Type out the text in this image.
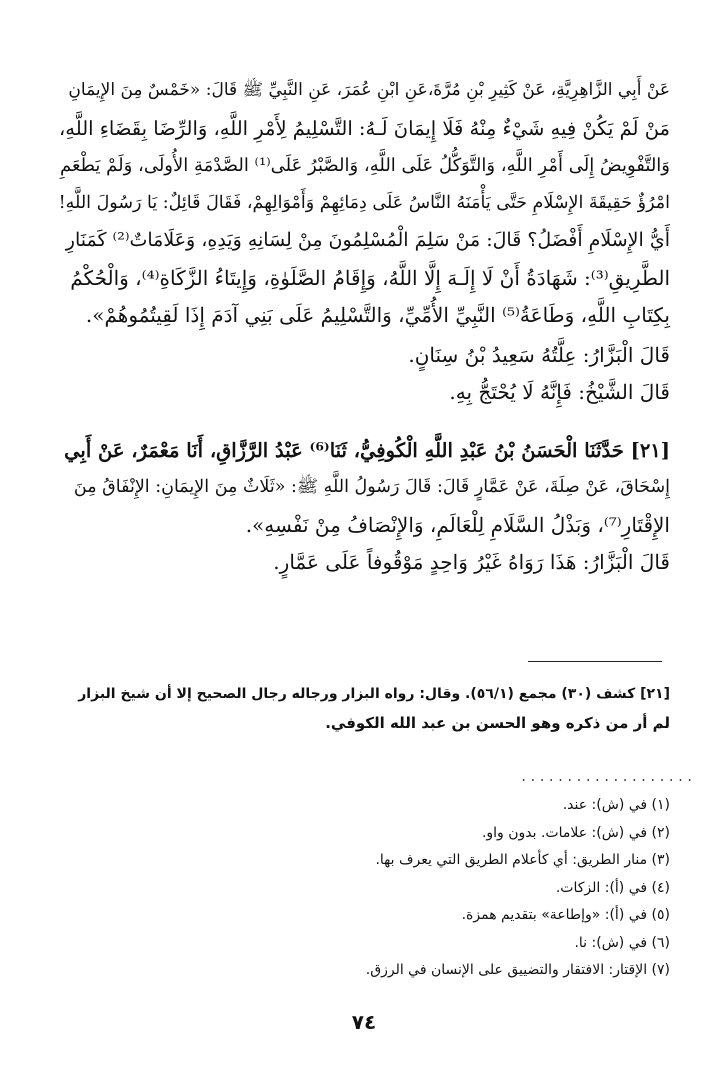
عَنْ أَبِي الزَّاهِرِيَّةِ، عَنْ كَثِيرِ بْنِ مُرَّةَ،عَنِ ابْنِ عُمَرَ، عَنِ النَّبِيِّ ﷺ قَالَ: «خَمْسٌ مِنَ الإِيمَانِ
مَنْ لَمْ يَكُنْ فِيهِ شَيْءٌ مِنْهُ فَلَا إِيمَانَ لَـهُ: التَّسْلِيمُ لِأَمْرِ اللَّهِ، وَالرِّضَا بِقَضَاءِ اللَّهِ،
وَالتَّفْوِيضُ إِلَى أَمْرِ اللَّهِ، وَالتَّوَكُّلُ عَلَى اللَّهِ، وَالصَّبْرُ عَلَى⁽¹⁾ الصَّدْمَةِ الأُولَى، وَلَمْ يَطْعَمِ
امْرُؤٌ حَقِيقَةَ الإِسْلَامِ حَتَّى يَأْمَنَهُ النَّاسُ عَلَى دِمَائِهِمْ وَأَمْوَالِهِمْ، فَقَالَ قَائِلٌ: يَا رَسُولَ اللَّهِ!
أَيُّ الإِسْلَامِ أَفْضَلُ؟ قَالَ: مَنْ سَلِمَ الْمُسْلِمُونَ مِنْ لِسَانِهِ وَيَدِهِ، وَعَلَامَاتٌ⁽²⁾ كَمَنَارِ
الطَّرِيقِ⁽³⁾: شَهَادَةُ أَنْ لَا إِلَـهَ إِلَّا اللَّهُ، وَإِقَامُ الصَّلَوٰةِ، وَإِيتَاءُ الزَّكَاةِ⁽⁴⁾، وَالْحُكْمُ
بِكِتَابِ اللَّهِ، وَطَاعَةُ⁽⁵⁾ النَّبِيِّ الأُمِّيِّ، وَالتَّسْلِيمُ عَلَى بَنِي آدَمَ إِذَا لَقِيتُمُوهُمْ».
قَالَ الْبَزَّارُ: عِلَّتُهُ سَعِيدُ بْنُ سِنَانٍ.
قَالَ الشَّيْخُ: فَإِنَّهُ لَا يُحْتَجُّ بِهِ.
[٢١] حَدَّثَنَا الْحَسَنُ بْنُ عَبْدِ اللَّهِ الْكُوفِيُّ، ثَنَا⁽⁶⁾ عَبْدُ الرَّزَّاقِ، أَنَا مَعْمَرٌ، عَنْ أَبِي
إِسْحَاقَ، عَنْ صِلَةَ، عَنْ عَمَّارٍ قَالَ: قَالَ رَسُولُ اللَّهِ ﷺ: «ثَلَاثٌ مِنَ الإِيمَانِ: الإِنْفَاقُ مِنَ
الإِقْتَارِ⁽⁷⁾، وَبَذْلُ السَّلَامِ لِلْعَالَمِ، وَالإِنْصَافُ مِنْ نَفْسِهِ».
قَالَ الْبَزَّارُ: هَذَا رَوَاهُ غَيْرُ وَاحِدٍ مَوْقُوفاً عَلَى عَمَّارٍ.
[٢١] كشف (٣٠) مجمع (٥٦/١). وقال: رواه البزار ورجاله رجال الصحيح إلا أن شيخ البزار
لم أر من ذكره وهو الحسن بن عبد الله الكوفي.
...................
(١) في (ش): عند.
(٢) في (ش): علامات. بدون واو.
(٣) منار الطريق: أي كأعلام الطريق التي يعرف بها.
(٤) في (أ): الزكات.
(٥) في (أ): «وإطاعة» بتقديم همزة.
(٦) في (ش): نا.
(٧) الإقتار: الافتقار والتضييق على الإنسان في الرزق.
٧٤
